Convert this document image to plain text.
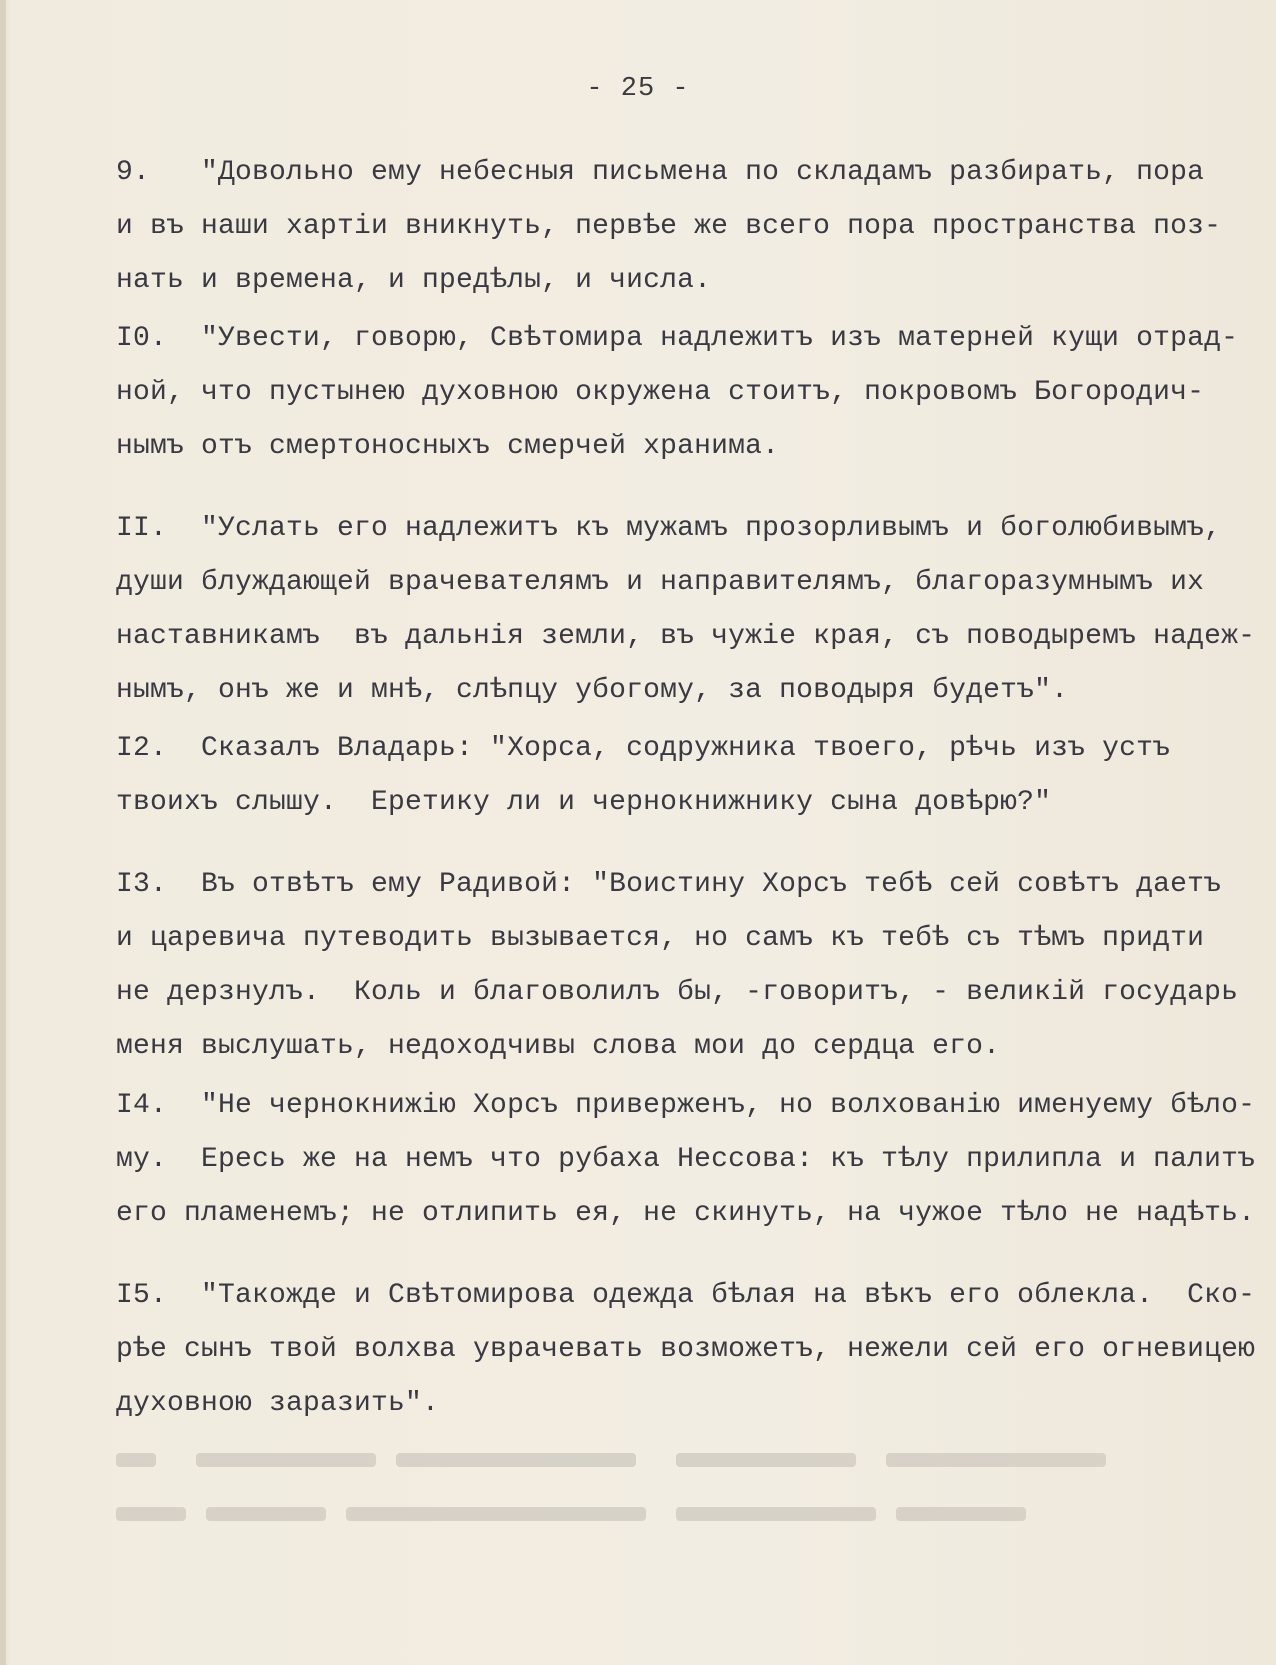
- 25 -
9.   "Довольно ему небесныя письмена по складамъ разбирать, пора
и въ наши хартіи вникнуть, первѣе же всего пора пространства поз-
нать и времена, и предѣлы, и числа.
I0.  "Увести, говорю, Свѣтомира надлежитъ изъ матерней кущи отрад-
ной, что пустынею духовною окружена стоитъ, покровомъ Богородич-
нымъ отъ смертоносныхъ смерчей хранима.
II.  "Услать его надлежитъ къ мужамъ прозорливымъ и боголюбивымъ,
души блуждающей врачевателямъ и направителямъ, благоразумнымъ их
наставникамъ  въ дальнія земли, въ чужіе края, съ поводыремъ надеж-
нымъ, онъ же и мнѣ, слѣпцу убогому, за поводыря будетъ".
I2.  Сказалъ Владарь: "Хорса, содружника твоего, рѣчь изъ устъ
твоихъ слышу.  Еретику ли и чернокнижнику сына довѣрю?"
I3.  Въ отвѣтъ ему Радивой: "Воистину Хорсъ тебѣ сей совѣтъ даетъ
и царевича путеводить вызывается, но самъ къ тебѣ съ тѣмъ придти
не дерзнулъ.  Коль и благоволилъ бы, -говоритъ, - великій государь
меня выслушать, недоходчивы слова мои до сердца его.
I4.  "Не чернокнижію Хорсъ приверженъ, но волхованію именуему бѣло-
му.  Ересь же на немъ что рубаха Нессова: къ тѣлу прилипла и палитъ
его пламенемъ; не отлипить ея, не скинуть, на чужое тѣло не надѣть.
I5.  "Такожде и Свѣтомирова одежда бѣлая на вѣкъ его облекла.  Ско-
рѣе сынъ твой волхва уврачевать возможетъ, нежели сей его огневицею
духовною заразить".
